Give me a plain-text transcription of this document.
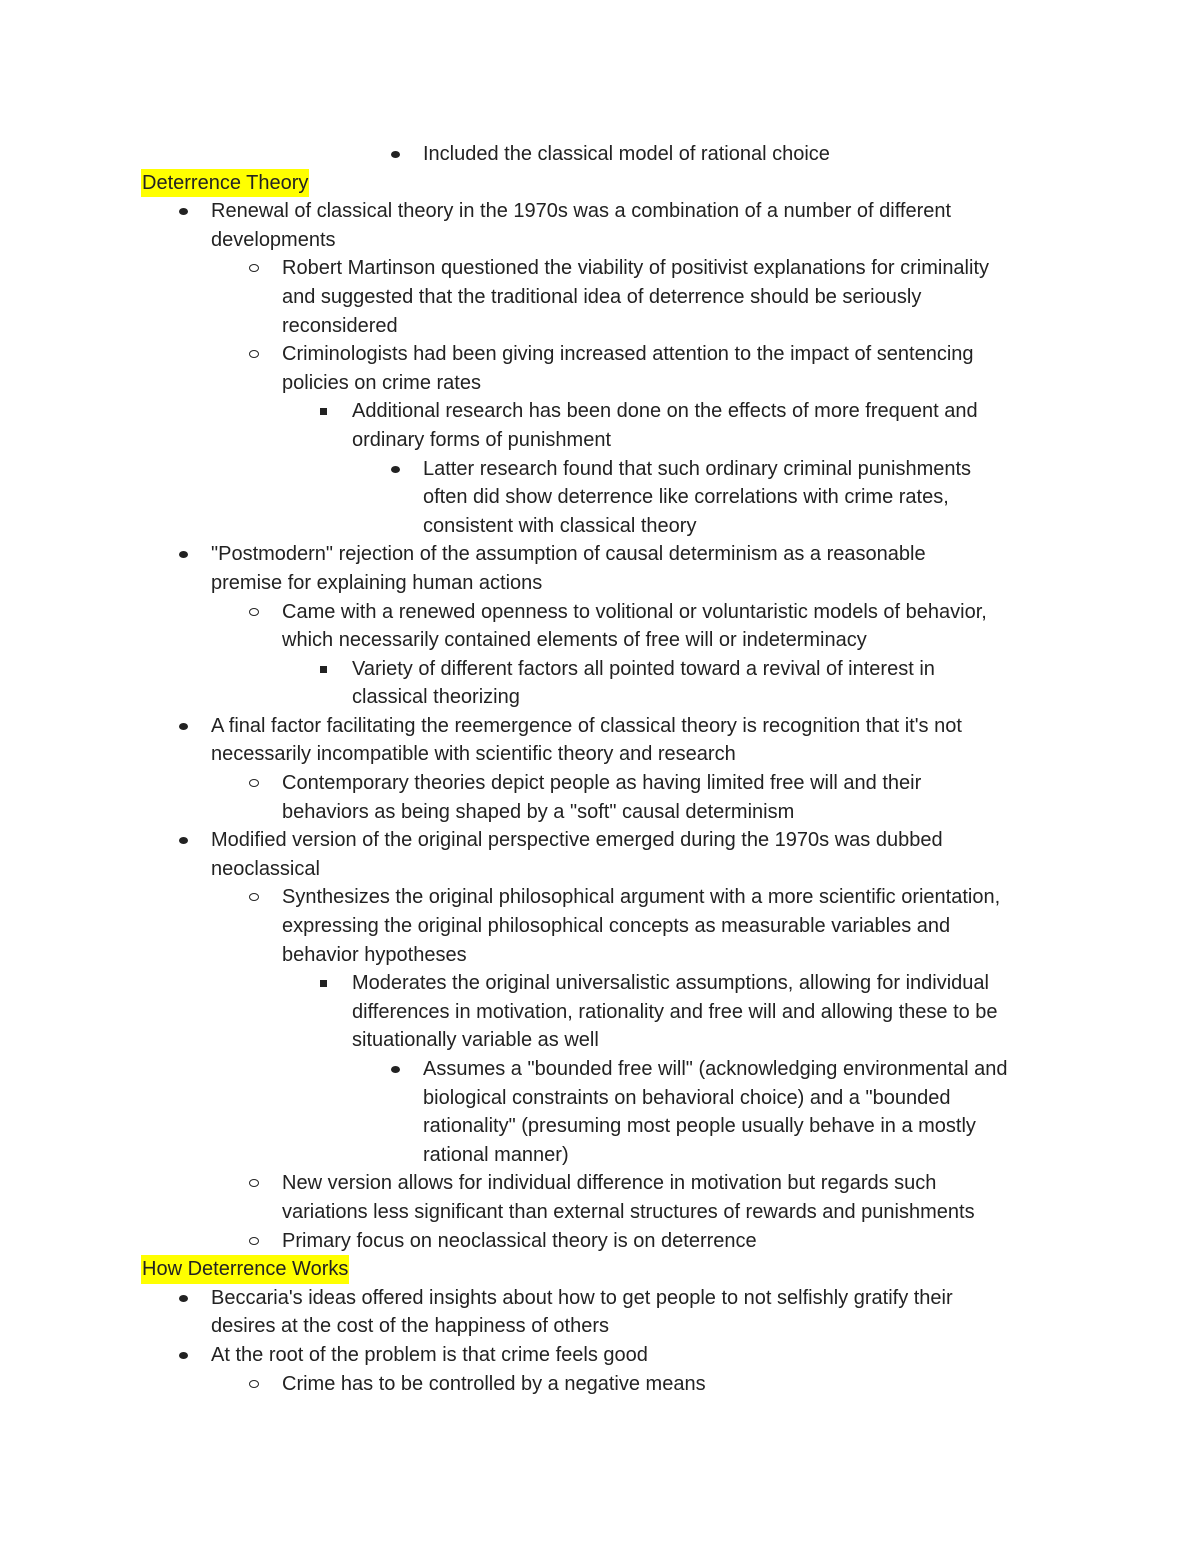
Included the classical model of rational choice
Deterrence Theory
Renewal of classical theory in the 1970s was a combination of a number of different
developments
Robert Martinson questioned the viability of positivist explanations for criminality
and suggested that the traditional idea of deterrence should be seriously
reconsidered
Criminologists had been giving increased attention to the impact of sentencing
policies on crime rates
Additional research has been done on the effects of more frequent and
ordinary forms of punishment
Latter research found that such ordinary criminal punishments
often did show deterrence like correlations with crime rates,
consistent with classical theory
"Postmodern" rejection of the assumption of causal determinism as a reasonable
premise for explaining human actions
Came with a renewed openness to volitional or voluntaristic models of behavior,
which necessarily contained elements of free will or indeterminacy
Variety of different factors all pointed toward a revival of interest in
classical theorizing
A final factor facilitating the reemergence of classical theory is recognition that it's not
necessarily incompatible with scientific theory and research
Contemporary theories depict people as having limited free will and their
behaviors as being shaped by a "soft" causal determinism
Modified version of the original perspective emerged during the 1970s was dubbed
neoclassical
Synthesizes the original philosophical argument with a more scientific orientation,
expressing the original philosophical concepts as measurable variables and
behavior hypotheses
Moderates the original universalistic assumptions, allowing for individual
differences in motivation, rationality and free will and allowing these to be
situationally variable as well
Assumes a "bounded free will" (acknowledging environmental and
biological constraints on behavioral choice) and a "bounded
rationality" (presuming most people usually behave in a mostly
rational manner)
New version allows for individual difference in motivation but regards such
variations less significant than external structures of rewards and punishments
Primary focus on neoclassical theory is on deterrence
How Deterrence Works
Beccaria's ideas offered insights about how to get people to not selfishly gratify their
desires at the cost of the happiness of others
At the root of the problem is that crime feels good
Crime has to be controlled by a negative means
